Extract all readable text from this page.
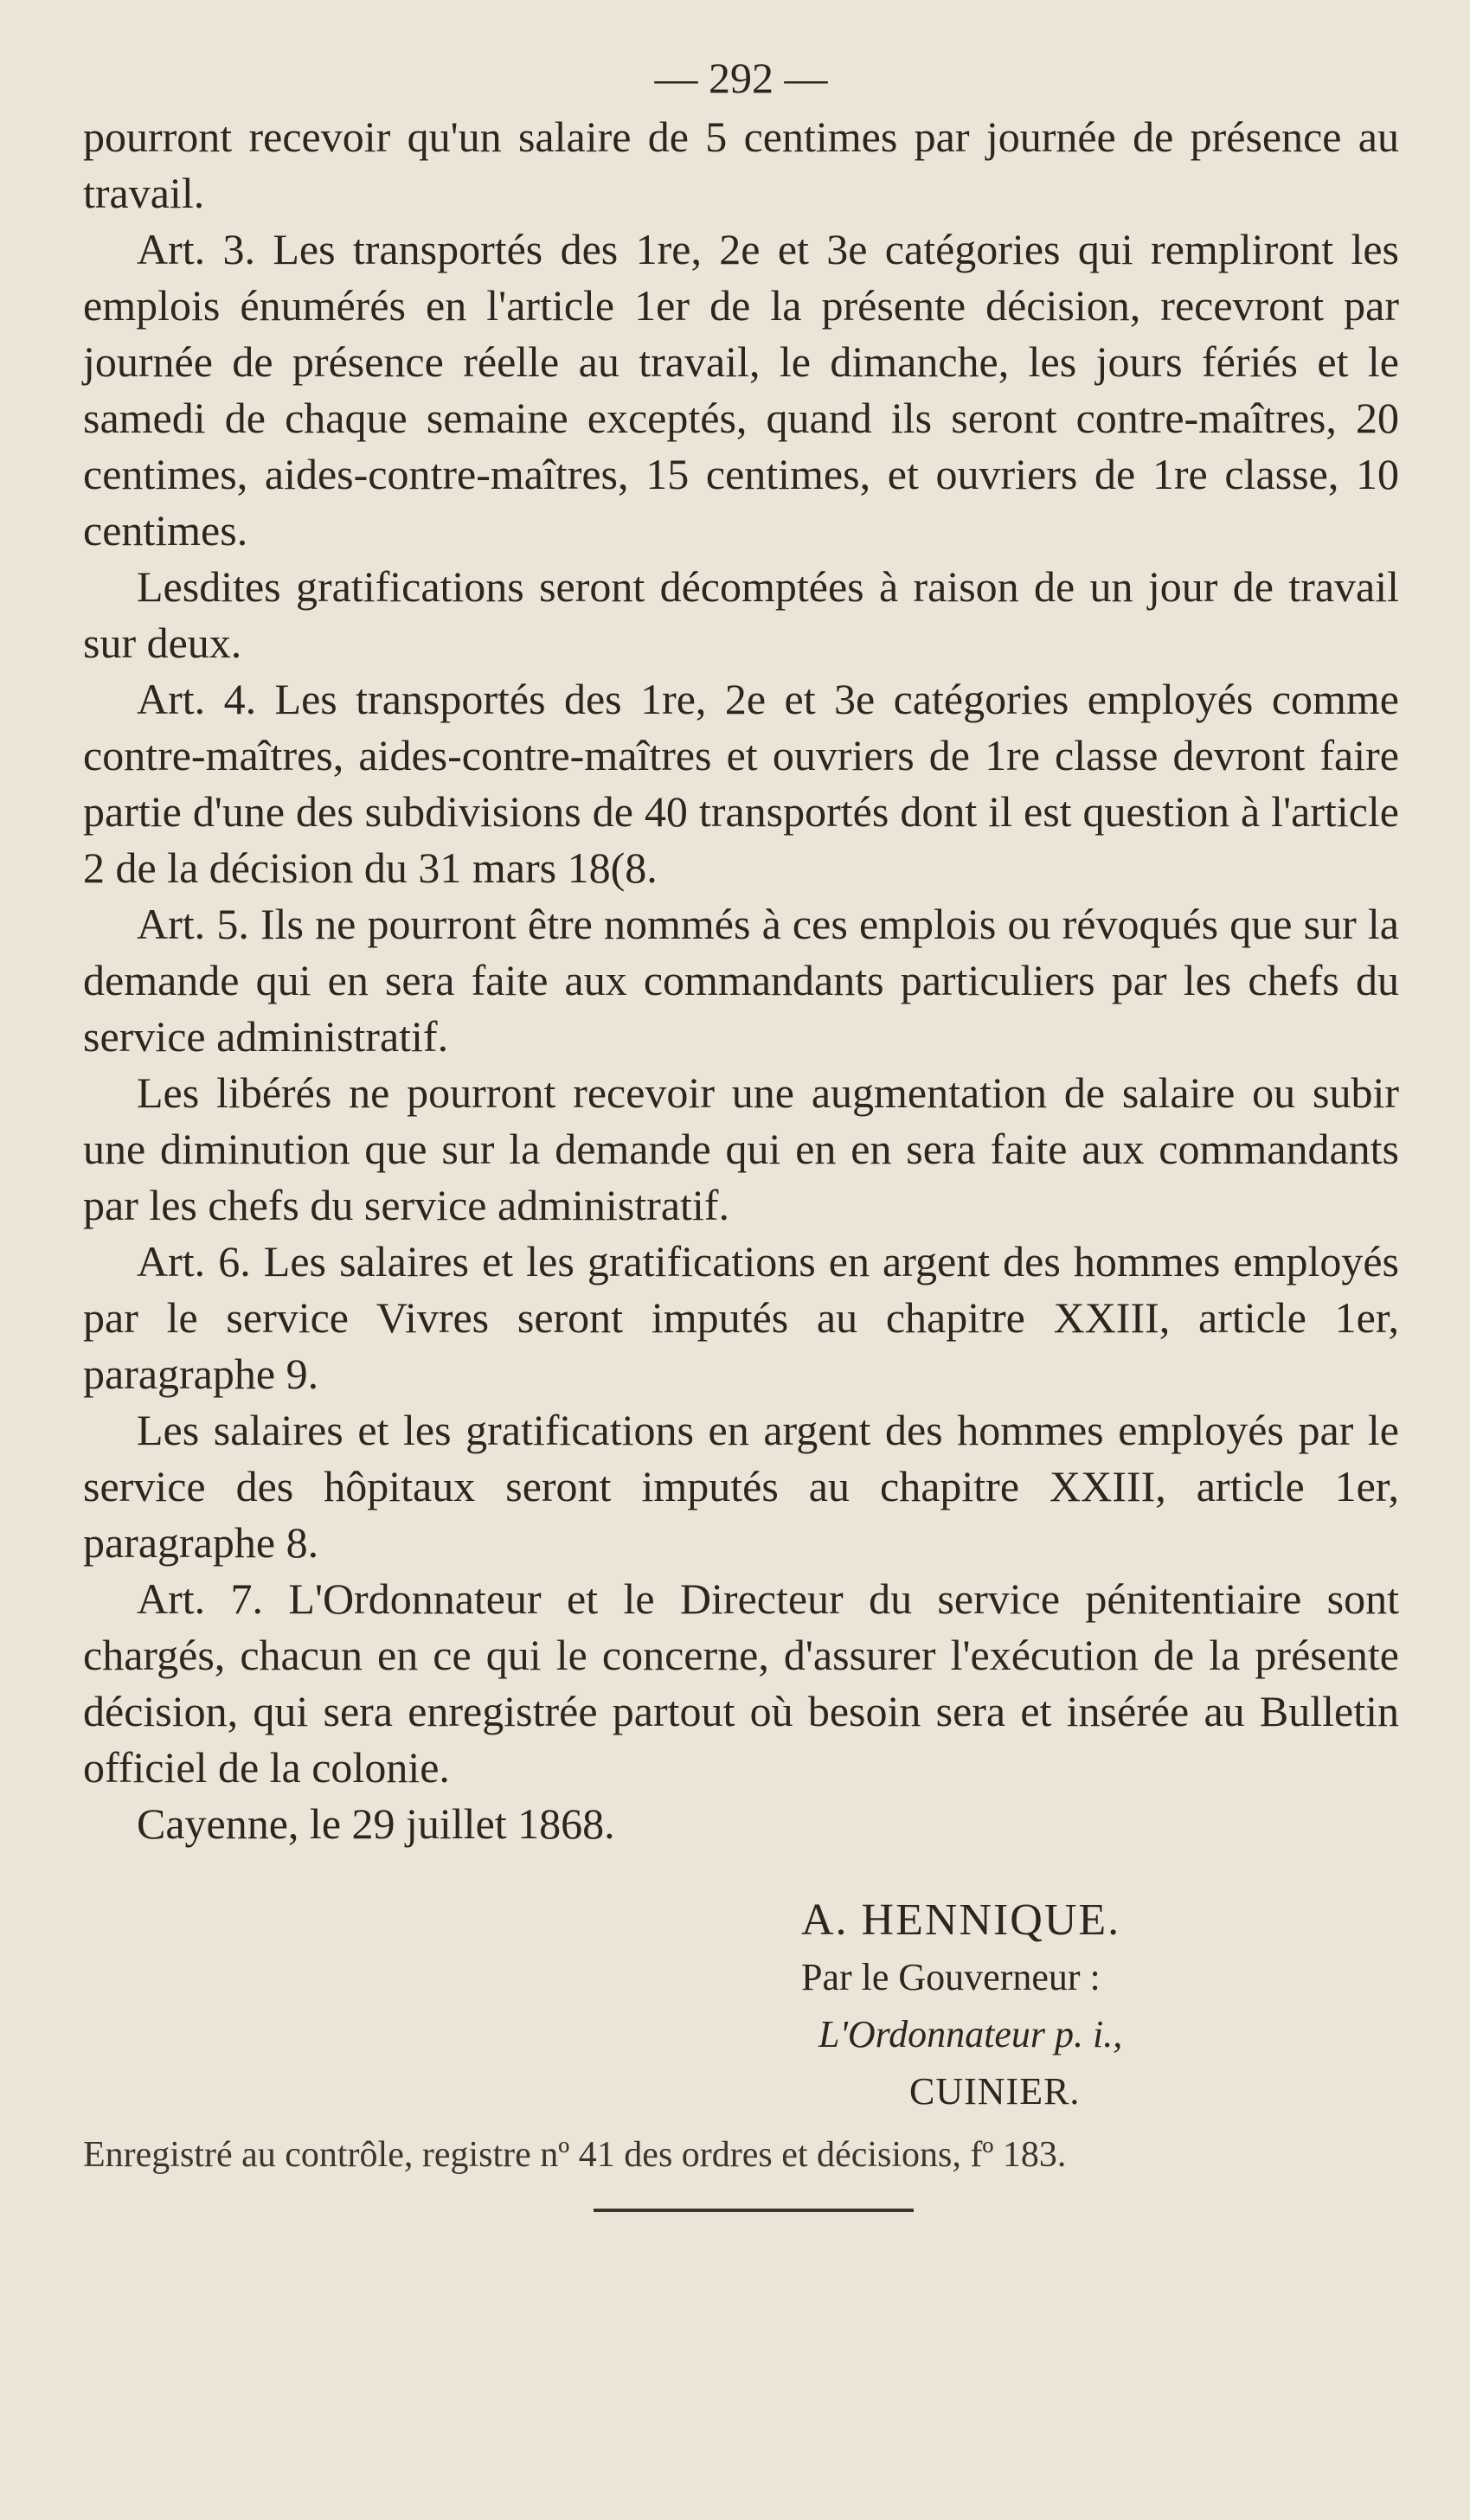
— 292 —

pourront recevoir qu'un salaire de 5 centimes par journée de présence au travail.

Art. 3. Les transportés des 1re, 2e et 3e catégories qui rempliront les emplois énumérés en l'article 1er de la présente décision, recevront par journée de présence réelle au travail, le dimanche, les jours fériés et le samedi de chaque semaine exceptés, quand ils seront contre-maîtres, 20 centimes, aides-contre-maîtres, 15 centimes, et ouvriers de 1re classe, 10 centimes.

Lesdites gratifications seront décomptées à raison de un jour de travail sur deux.

Art. 4. Les transportés des 1re, 2e et 3e catégories employés comme contre-maîtres, aides-contre-maîtres et ouvriers de 1re classe devront faire partie d'une des subdivisions de 40 transportés dont il est question à l'article 2 de la décision du 31 mars 18(8.

Art. 5. Ils ne pourront être nommés à ces emplois ou révoqués que sur la demande qui en sera faite aux commandants particuliers par les chefs du service administratif.

Les libérés ne pourront recevoir une augmentation de salaire ou subir une diminution que sur la demande qui en en sera faite aux commandants par les chefs du service administratif.

Art. 6. Les salaires et les gratifications en argent des hommes employés par le service Vivres seront imputés au chapitre XXIII, article 1er, paragraphe 9.

Les salaires et les gratifications en argent des hommes employés par le service des hôpitaux seront imputés au chapitre XXIII, article 1er, paragraphe 8.

Art. 7. L'Ordonnateur et le Directeur du service pénitentiaire sont chargés, chacun en ce qui le concerne, d'assurer l'exécution de la présente décision, qui sera enregistrée partout où besoin sera et insérée au Bulletin officiel de la colonie.

Cayenne, le 29 juillet 1868.

A. HENNIQUE.
Par le Gouverneur :
L'Ordonnateur p. i.,
CUINIER.
Enregistré au contrôle, registre nº 41 des ordres et décisions, fº 183.
